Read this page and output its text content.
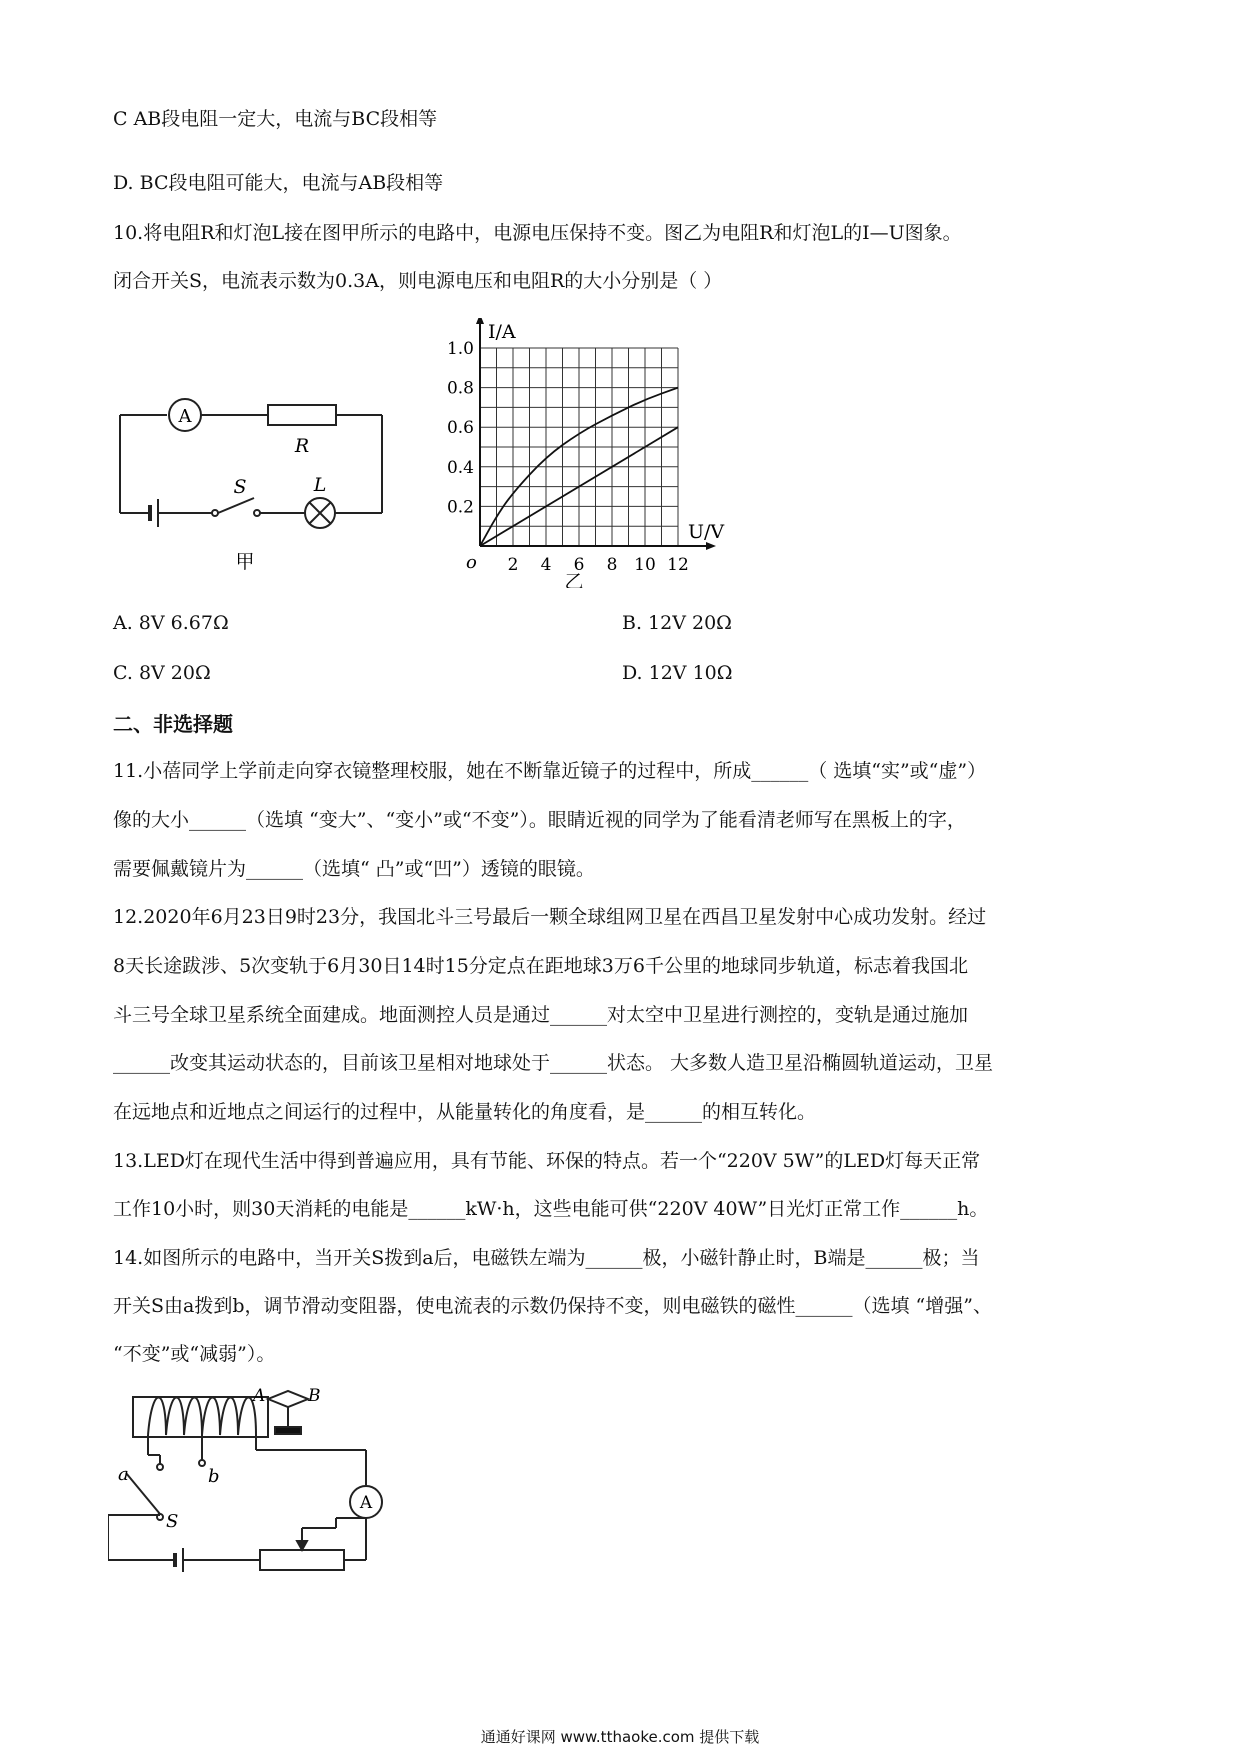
C AB段电阻一定大，电流与BC段相等
D. BC段电阻可能大，电流与AB段相等
10.将电阻R和灯泡L接在图甲所示的电路中，电源电压保持不变。图乙为电阻R和灯泡L的I—U图象。
闭合开关S，电流表示数为0.3A，则电源电压和电阻R的大小分别是（ ）
A
R
S	L
甲	2 4 6 8 10 12
0.2
0.4
0.6
0.8
1.0
I/A
U/V
o
乙
A. 8V 6.67Ω	B. 12V 20Ω
C. 8V 20Ω	D. 12V 10Ω
二、非选择题
11.小蓓同学上学前走向穿衣镜整理校服，她在不断靠近镜子的过程中，所成______（ 选填“实”或“虚”）
像的大小______（选填 “变大”、“变小”或“不变”）。眼睛近视的同学为了能看清老师写在黑板上的字，
需要佩戴镜片为______（选填“ 凸”或“凹”）透镜的眼镜。
12.2020年6月23日9时23分，我国北斗三号最后一颗全球组网卫星在西昌卫星发射中心成功发射。经过
8天长途跋涉、5次变轨于6月30日14时15分定点在距地球3万6千公里的地球同步轨道，标志着我国北
斗三号全球卫星系统全面建成。地面测控人员是通过______对太空中卫星进行测控的，变轨是通过施加
______改变其运动状态的，目前该卫星相对地球处于______状态。 大多数人造卫星沿椭圆轨道运动，卫星
在远地点和近地点之间运行的过程中，从能量转化的角度看，是______的相互转化。
13.LED灯在现代生活中得到普遍应用，具有节能、环保的特点。若一个“220V 5W”的LED灯每天正常
工作10小时，则30天消耗的电能是______kW·h，这些电能可供“220V 40W”日光灯正常工作______h。
14.如图所示的电路中，当开关S拨到a后，电磁铁左端为______极，小磁针静止时，B端是______极；当
开关S由a拨到b，调节滑动变阻器，使电流表的示数仍保持不变，则电磁铁的磁性______（选填 “增强”、
“不变”或“减弱”）。
a	b
S
A	B
A
通通好课网 www.tthaoke.com 提供下载
